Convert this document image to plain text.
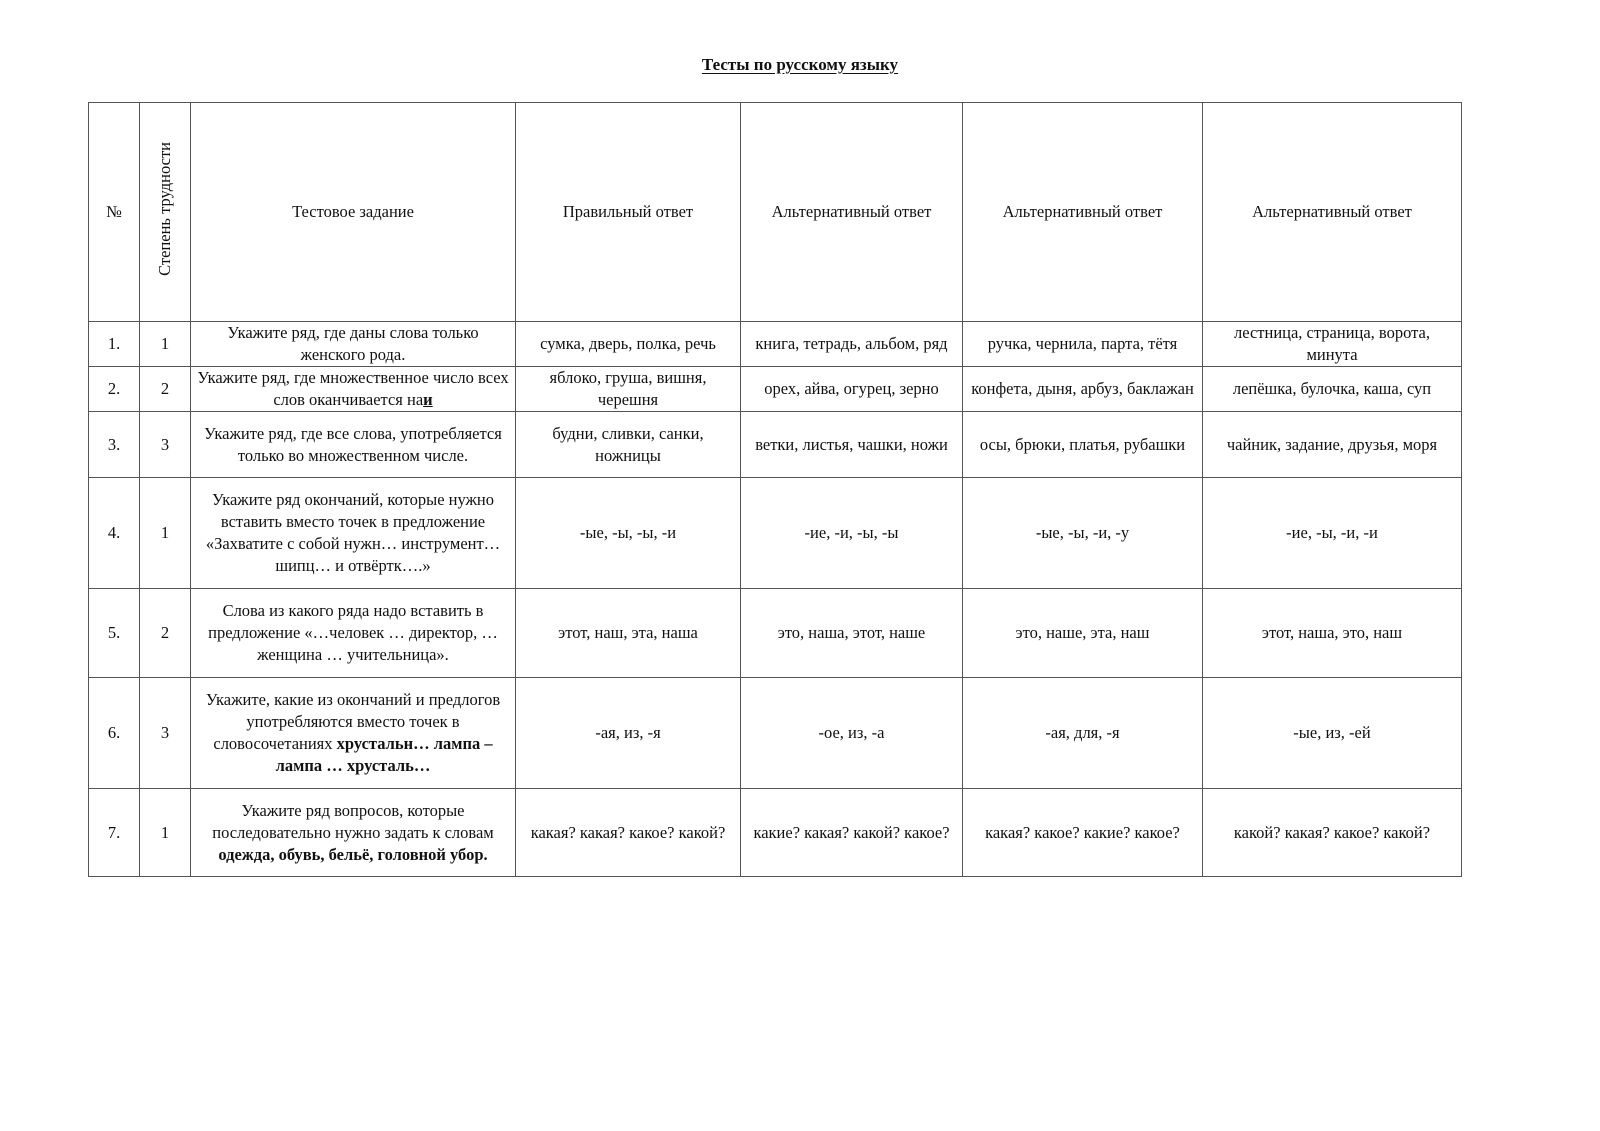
Тесты по русскому языку
№	Степень трудности	Тестовое задание	Правильный ответ	Альтернативный ответ	Альтернативный ответ	Альтернативный ответ
1.	1	Укажите ряд, где даны слова только женского рода.	сумка, дверь, полка, речь	книга, тетрадь, альбом, ряд	ручка, чернила, парта, тётя	лестница, страница, ворота, минута
2.	2	Укажите ряд, где множественное число всех слов оканчивается наи	яблоко, груша, вишня, черешня	орех, айва, огурец, зерно	конфета, дыня, арбуз, баклажан	лепёшка, булочка, каша, суп
3.	3	Укажите ряд, где все слова, употребляется только во множественном числе.	будни, сливки, санки, ножницы	ветки, листья, чашки, ножи	осы, брюки, платья, рубашки	чайник, задание, друзья, моря
4.	1	Укажите ряд окончаний, которые нужно вставить вместо точек в предложение «Захватите с собой нужн… инструмент… шипц… и отвёртк….»	-ые, -ы, -ы, -и	-ие, -и, -ы, -ы	-ые, -ы, -и, -у	-ие, -ы, -и, -и
5.	2	Слова из какого ряда надо вставить в предложение «…человек … директор, … женщина … учительница».	этот, наш, эта, наша	это, наша, этот, наше	это, наше, эта, наш	этот, наша, это, наш
6.	3	Укажите, какие из окончаний и предлогов употребляются вместо точек в словосочетаниях хрустальн… лампа – лампа … хрусталь…	-ая, из, -я	-ое, из, -а	-ая, для, -я	-ые, из, -ей
7.	1	Укажите ряд вопросов, которые последовательно нужно задать к словам одежда, обувь, бельё, головной убор.	какая? какая? какое? какой?	какие? какая? какой? какое?	какая? какое? какие? какое?	какой? какая? какое? какой?
